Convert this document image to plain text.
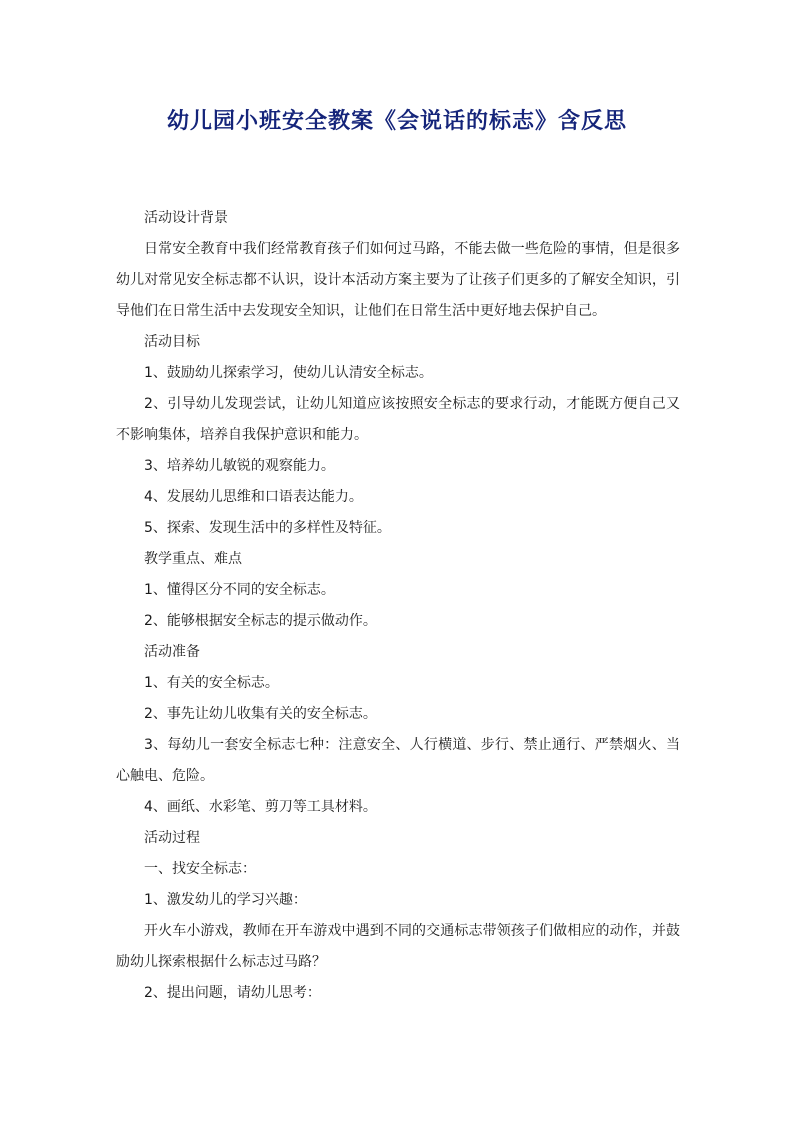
幼儿园小班安全教案《会说话的标志》含反思

活动设计背景

日常安全教育中我们经常教育孩子们如何过马路，不能去做一些危险的事情，但是很多幼儿对常见安全标志都不认识，设计本活动方案主要为了让孩子们更多的了解安全知识，引导他们在日常生活中去发现安全知识，让他们在日常生活中更好地去保护自己。

活动目标

1、鼓励幼儿探索学习，使幼儿认清安全标志。

2、引导幼儿发现尝试，让幼儿知道应该按照安全标志的要求行动，才能既方便自己又不影响集体，培养自我保护意识和能力。

3、培养幼儿敏锐的观察能力。

4、发展幼儿思维和口语表达能力。

5、探索、发现生活中的多样性及特征。

教学重点、难点

1、懂得区分不同的安全标志。

2、能够根据安全标志的提示做动作。

活动准备

1、有关的安全标志。

2、事先让幼儿收集有关的安全标志。

3、每幼儿一套安全标志七种：注意安全、人行横道、步行、禁止通行、严禁烟火、当心触电、危险。

4、画纸、水彩笔、剪刀等工具材料。

活动过程

一、找安全标志：

1、激发幼儿的学习兴趣：

开火车小游戏，教师在开车游戏中遇到不同的交通标志带领孩子们做相应的动作，并鼓励幼儿探索根据什么标志过马路？

2、提出问题，请幼儿思考：
